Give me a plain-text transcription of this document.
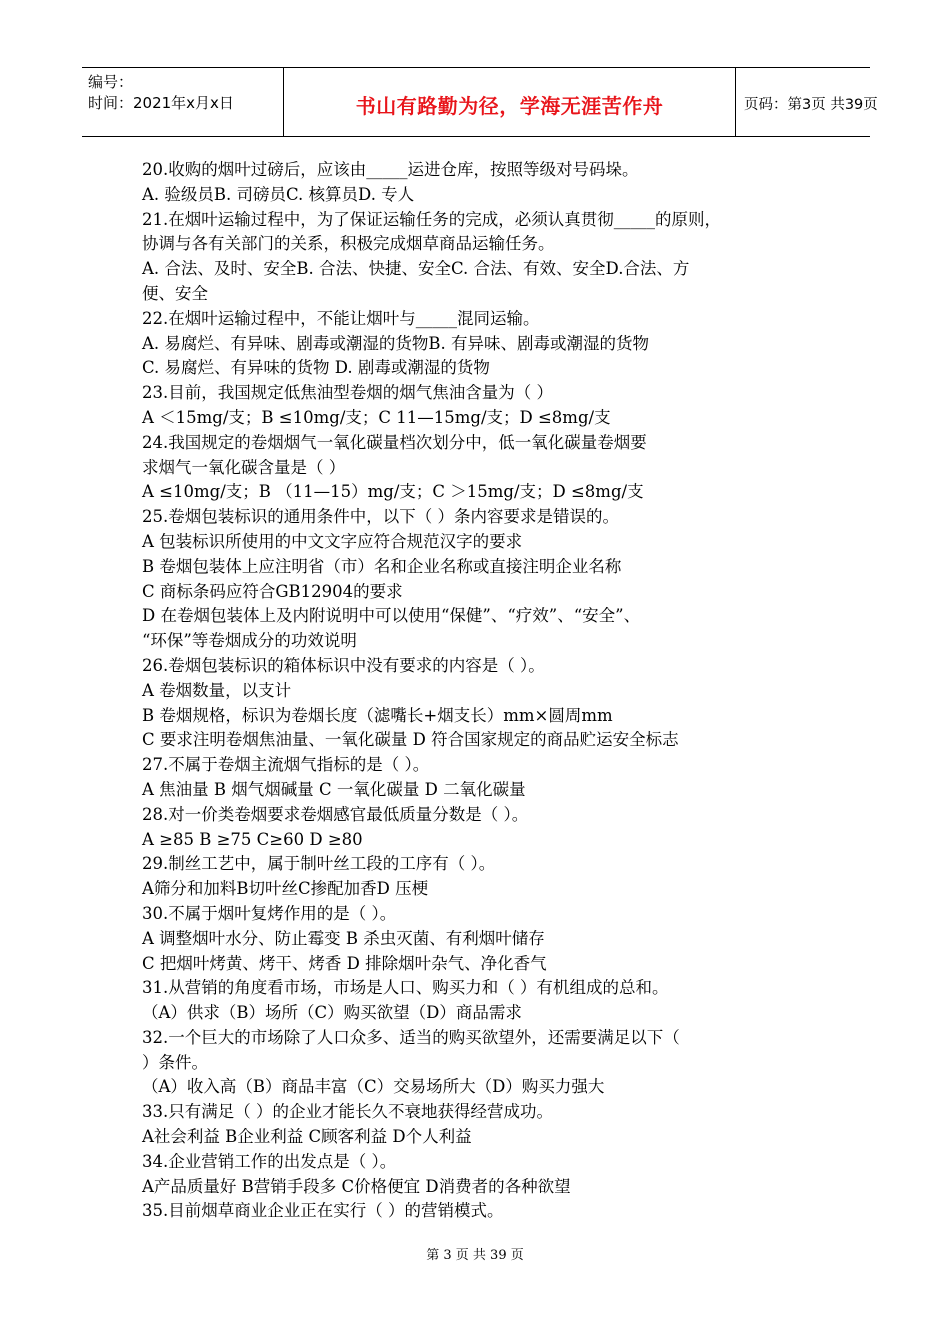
编号：
时间：2021年x月x日	书山有路勤为径，学海无涯苦作舟	页码：第3页 共39页
20.收购的烟叶过磅后，应该由_____运进仓库，按照等级对号码垛。
A. 验级员B. 司磅员C. 核算员D. 专人
21.在烟叶运输过程中，为了保证运输任务的完成，必须认真贯彻_____的原则，
协调与各有关部门的关系，积极完成烟草商品运输任务。
A. 合法、及时、安全B. 合法、快捷、安全C. 合法、有效、安全D.合法、方
便、安全
22.在烟叶运输过程中，不能让烟叶与_____混同运输。
A. 易腐烂、有异味、剧毒或潮湿的货物B. 有异味、剧毒或潮湿的货物
C. 易腐烂、有异味的货物 D. 剧毒或潮湿的货物
23.目前，我国规定低焦油型卷烟的烟气焦油含量为（ ）
A ＜15mg/支；B ≤10mg/支；C 11—15mg/支；D ≤8mg/支
24.我国规定的卷烟烟气一氧化碳量档次划分中，低一氧化碳量卷烟要
求烟气一氧化碳含量是（ ）
A ≤10mg/支；B （11—15）mg/支；C ＞15mg/支；D ≤8mg/支
25.卷烟包装标识的通用条件中，以下（ ）条内容要求是错误的。
A 包装标识所使用的中文文字应符合规范汉字的要求
B 卷烟包装体上应注明省（市）名和企业名称或直接注明企业名称
C 商标条码应符合GB12904的要求
D 在卷烟包装体上及内附说明中可以使用“保健”、“疗效”、“安全”、
“环保”等卷烟成分的功效说明
26.卷烟包装标识的箱体标识中没有要求的内容是（ ）。
A 卷烟数量，以支计
B 卷烟规格，标识为卷烟长度（滤嘴长+烟支长）mm×圆周mm
C 要求注明卷烟焦油量、一氧化碳量 D 符合国家规定的商品贮运安全标志
27.不属于卷烟主流烟气指标的是（ ）。
A 焦油量 B 烟气烟碱量 C 一氧化碳量 D 二氧化碳量
28.对一价类卷烟要求卷烟感官最低质量分数是（ ）。
A ≥85 B ≥75 C≥60 D ≥80
29.制丝工艺中，属于制叶丝工段的工序有（ ）。
A筛分和加料B切叶丝C掺配加香D 压梗
30.不属于烟叶复烤作用的是（ ）。
A 调整烟叶水分、防止霉变 B 杀虫灭菌、有利烟叶储存
C 把烟叶烤黄、烤干、烤香 D 排除烟叶杂气、净化香气
31.从营销的角度看市场，市场是人口、购买力和（ ）有机组成的总和。
（A）供求（B）场所（C）购买欲望（D）商品需求
32.一个巨大的市场除了人口众多、适当的购买欲望外，还需要满足以下（
）条件。
（A）收入高（B）商品丰富（C）交易场所大（D）购买力强大
33.只有满足（ ）的企业才能长久不衰地获得经营成功。
A社会利益 B企业利益 C顾客利益 D个人利益
34.企业营销工作的出发点是（ ）。
A产品质量好 B营销手段多 C价格便宜 D消费者的各种欲望
35.目前烟草商业企业正在实行（ ）的营销模式。
第 3 页 共 39 页
